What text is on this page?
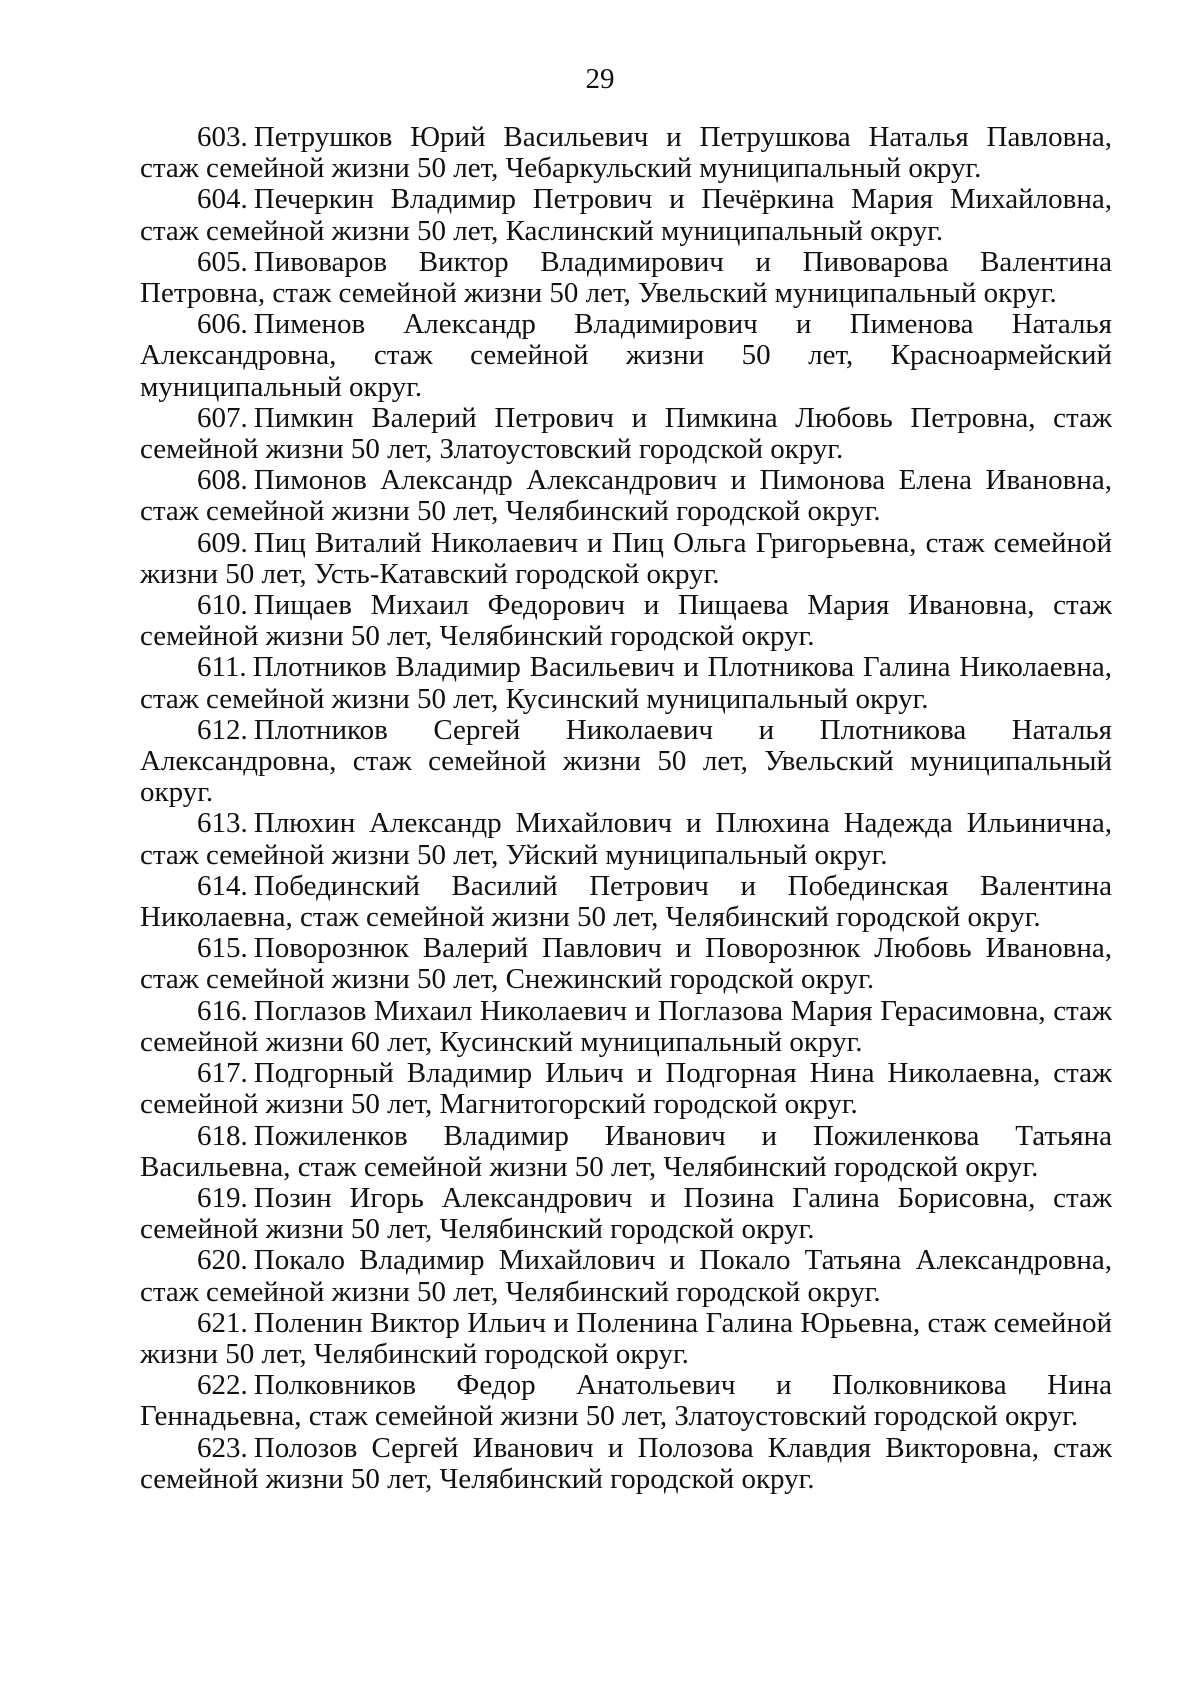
29

603. Петрушков Юрий Васильевич и Петрушкова Наталья Павловна, стаж семейной жизни 50 лет, Чебаркульский муниципальный округ.

604. Печеркин Владимир Петрович и Печёркина Мария Михайловна, стаж семейной жизни 50 лет, Каслинский муниципальный округ.

605. Пивоваров Виктор Владимирович и Пивоварова Валентина Петровна, стаж семейной жизни 50 лет, Увельский муниципальный округ.

606. Пименов Александр Владимирович и Пименова Наталья Александровна, стаж семейной жизни 50 лет, Красноармейский муниципальный округ.

607. Пимкин Валерий Петрович и Пимкина Любовь Петровна, стаж семейной жизни 50 лет, Златоустовский городской округ.

608. Пимонов Александр Александрович и Пимонова Елена Ивановна, стаж семейной жизни 50 лет, Челябинский городской округ.

609. Пиц Виталий Николаевич и Пиц Ольга Григорьевна, стаж семейной жизни 50 лет, Усть-Катавский городской округ.

610. Пищаев Михаил Федорович и Пищаева Мария Ивановна, стаж семейной жизни 50 лет, Челябинский городской округ.

611. Плотников Владимир Васильевич и Плотникова Галина Николаевна, стаж семейной жизни 50 лет, Кусинский муниципальный округ.

612. Плотников Сергей Николаевич и Плотникова Наталья Александровна, стаж семейной жизни 50 лет, Увельский муниципальный округ.

613. Плюхин Александр Михайлович и Плюхина Надежда Ильинична, стаж семейной жизни 50 лет, Уйский муниципальный округ.

614. Побединский Василий Петрович и Побединская Валентина Николаевна, стаж семейной жизни 50 лет, Челябинский городской округ.

615. Поворознюк Валерий Павлович и Поворознюк Любовь Ивановна, стаж семейной жизни 50 лет, Снежинский городской округ.

616. Поглазов Михаил Николаевич и Поглазова Мария Герасимовна, стаж семейной жизни 60 лет, Кусинский муниципальный округ.

617. Подгорный Владимир Ильич и Подгорная Нина Николаевна, стаж семейной жизни 50 лет, Магнитогорский городской округ.

618. Пожиленков Владимир Иванович и Пожиленкова Татьяна Васильевна, стаж семейной жизни 50 лет, Челябинский городской округ.

619. Позин Игорь Александрович и Позина Галина Борисовна, стаж семейной жизни 50 лет, Челябинский городской округ.

620. Покало Владимир Михайлович и Покало Татьяна Александровна, стаж семейной жизни 50 лет, Челябинский городской округ.

621. Поленин Виктор Ильич и Поленина Галина Юрьевна, стаж семейной жизни 50 лет, Челябинский городской округ.

622. Полковников Федор Анатольевич и Полковникова Нина Геннадьевна, стаж семейной жизни 50 лет, Златоустовский городской округ.

623. Полозов Сергей Иванович и Полозова Клавдия Викторовна, стаж семейной жизни 50 лет, Челябинский городской округ.
